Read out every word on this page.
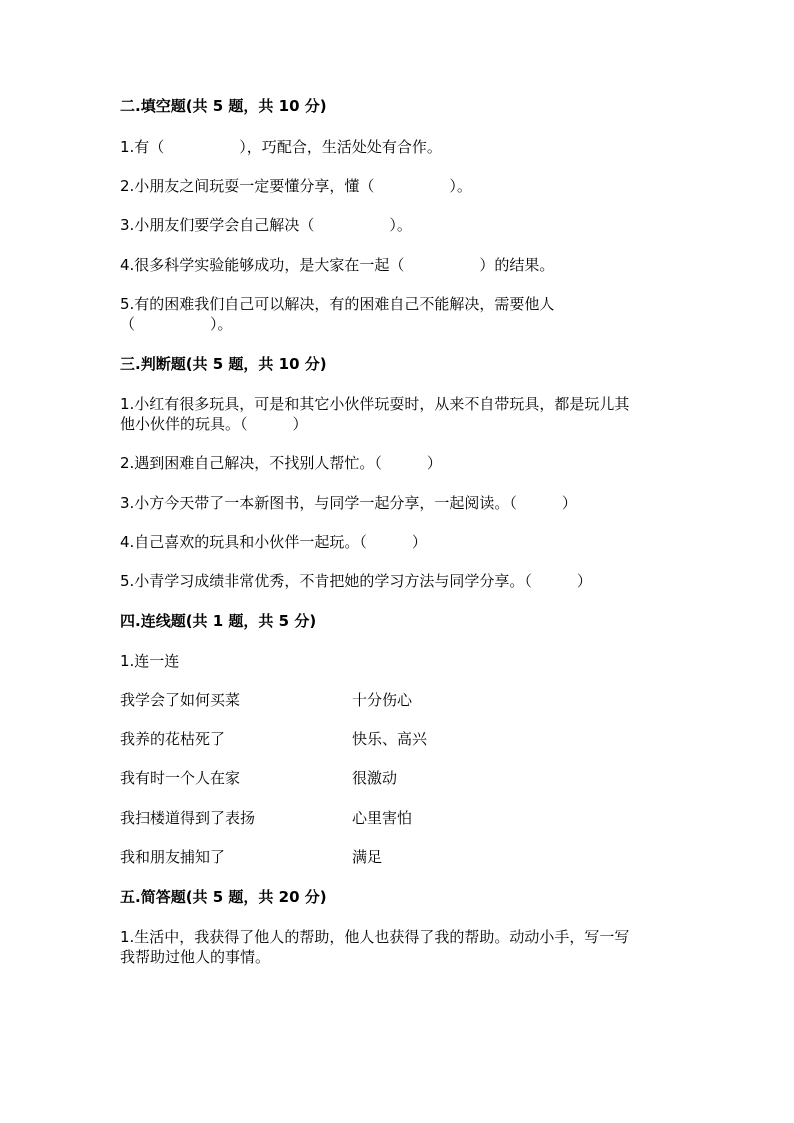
二.填空题(共 5 题，共 10 分)
1.有（　　　　　），巧配合，生活处处有合作。
2.小朋友之间玩耍一定要懂分享，懂（　　　　　）。
3.小朋友们要学会自己解决（　　　　　）。
4.很多科学实验能够成功，是大家在一起（　　　　　）的结果。
5.有的困难我们自己可以解决，有的困难自己不能解决，需要他人
（　　　　　）。
三.判断题(共 5 题，共 10 分)
1.小红有很多玩具，可是和其它小伙伴玩耍时，从来不自带玩具，都是玩儿其
他小伙伴的玩具。（　　　）
2.遇到困难自己解决，不找别人帮忙。（　　　）
3.小方今天带了一本新图书，与同学一起分享，一起阅读。（　　　）
4.自己喜欢的玩具和小伙伴一起玩。（　　　）
5.小青学习成绩非常优秀，不肯把她的学习方法与同学分享。（　　　）
四.连线题(共 1 题，共 5 分)
1.连一连
我学会了如何买菜	十分伤心
我养的花枯死了	快乐、高兴
我有时一个人在家	很激动
我扫楼道得到了表扬	心里害怕
我和朋友捕知了	满足
五.简答题(共 5 题，共 20 分)
1.生活中，我获得了他人的帮助，他人也获得了我的帮助。动动小手，写一写
我帮助过他人的事情。
